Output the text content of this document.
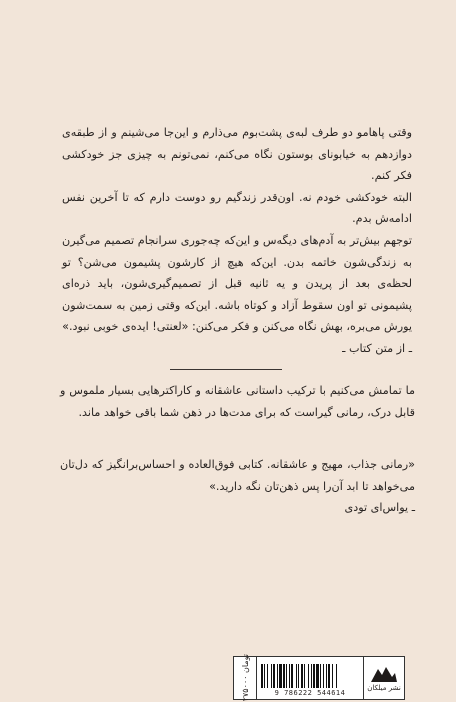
وقتی پاهامو دو طرف لبه‌ی پشت‌بوم می‌ذارم و این‌جا می‌شینم و از طبقه‌ی دوازدهم به خیابونای بوستون نگاه می‌کنم، نمی‌تونم به چیزی جز خودکشی فکر کنم.

البته خودکشی خودم نه. اون‌قدر زندگیم رو دوست دارم که تا آخرین نفس ادامه‌ش بدم.

توجهم بیش‌تر به آدم‌های دیگه‌س و این‌که چه‌جوری سرانجام تصمیم می‌گیرن به زندگی‌شون خاتمه بدن. این‌که هیچ از کارشون پشیمون می‌شن؟ تو لحظه‌ی بعد از پریدن و یه ثانیه قبل از تصمیم‌گیری‌شون، باید ذره‌ای پشیمونی تو اون سقوط آزاد و کوتاه باشه. این‌که وقتی زمین به سمت‌شون یورش می‌بره، بهش نگاه می‌کنن و فکر می‌کنن: «لعنتی! ایده‌ی خوبی نبود.»

ـ از متن کتاب ـ

ما تمامش می‌کنیم با ترکیب داستانی عاشقانه و کاراکترهایی بسیار ملموس و قابل درک، رمانی گیراست که برای مدت‌ها در ذهن شما باقی خواهد ماند.

«رمانی جذاب، مهیج و عاشقانه. کتابی فوق‌العاده و احساس‌برانگیز که دل‌تان می‌خواهد تا ابد آن‌را پس ذهن‌تان نگه دارید.»

ـ یواس‌ای تودی

۲۷۵۰۰۰ تومان
9 786222 544614
نشر میلکان
